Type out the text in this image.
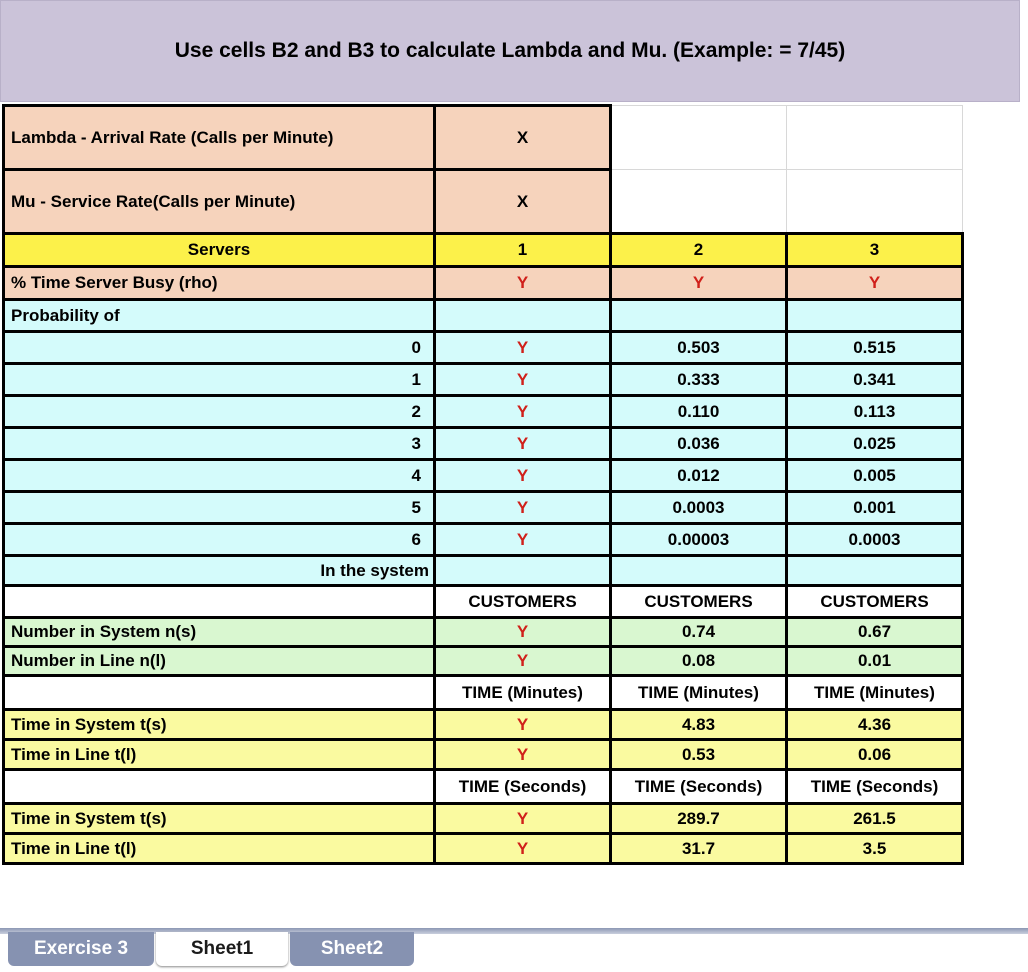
Use cells B2 and B3 to calculate Lambda and Mu. (Example: = 7/45)
Lambda - Arrival Rate (Calls per Minute)	X		
Mu - Service Rate(Calls per Minute)	X		
Servers	1	2	3
% Time Server Busy (rho)	Y	Y	Y
Probability of			
0	Y	0.503	0.515
1	Y	0.333	0.341
2	Y	0.110	0.113
3	Y	0.036	0.025
4	Y	0.012	0.005
5	Y	0.0003	0.001
6	Y	0.00003	0.0003
In the system			
	CUSTOMERS	CUSTOMERS	CUSTOMERS
Number in System n(s)	Y	0.74	0.67
Number in Line n(l)	Y	0.08	0.01
	TIME (Minutes)	TIME (Minutes)	TIME (Minutes)
Time in System t(s)	Y	4.83	4.36
Time in Line t(l)	Y	0.53	0.06
	TIME (Seconds)	TIME (Seconds)	TIME (Seconds)
Time in System t(s)	Y	289.7	261.5
Time in Line t(l)	Y	31.7	3.5
Exercise 3	Sheet1	Sheet2
